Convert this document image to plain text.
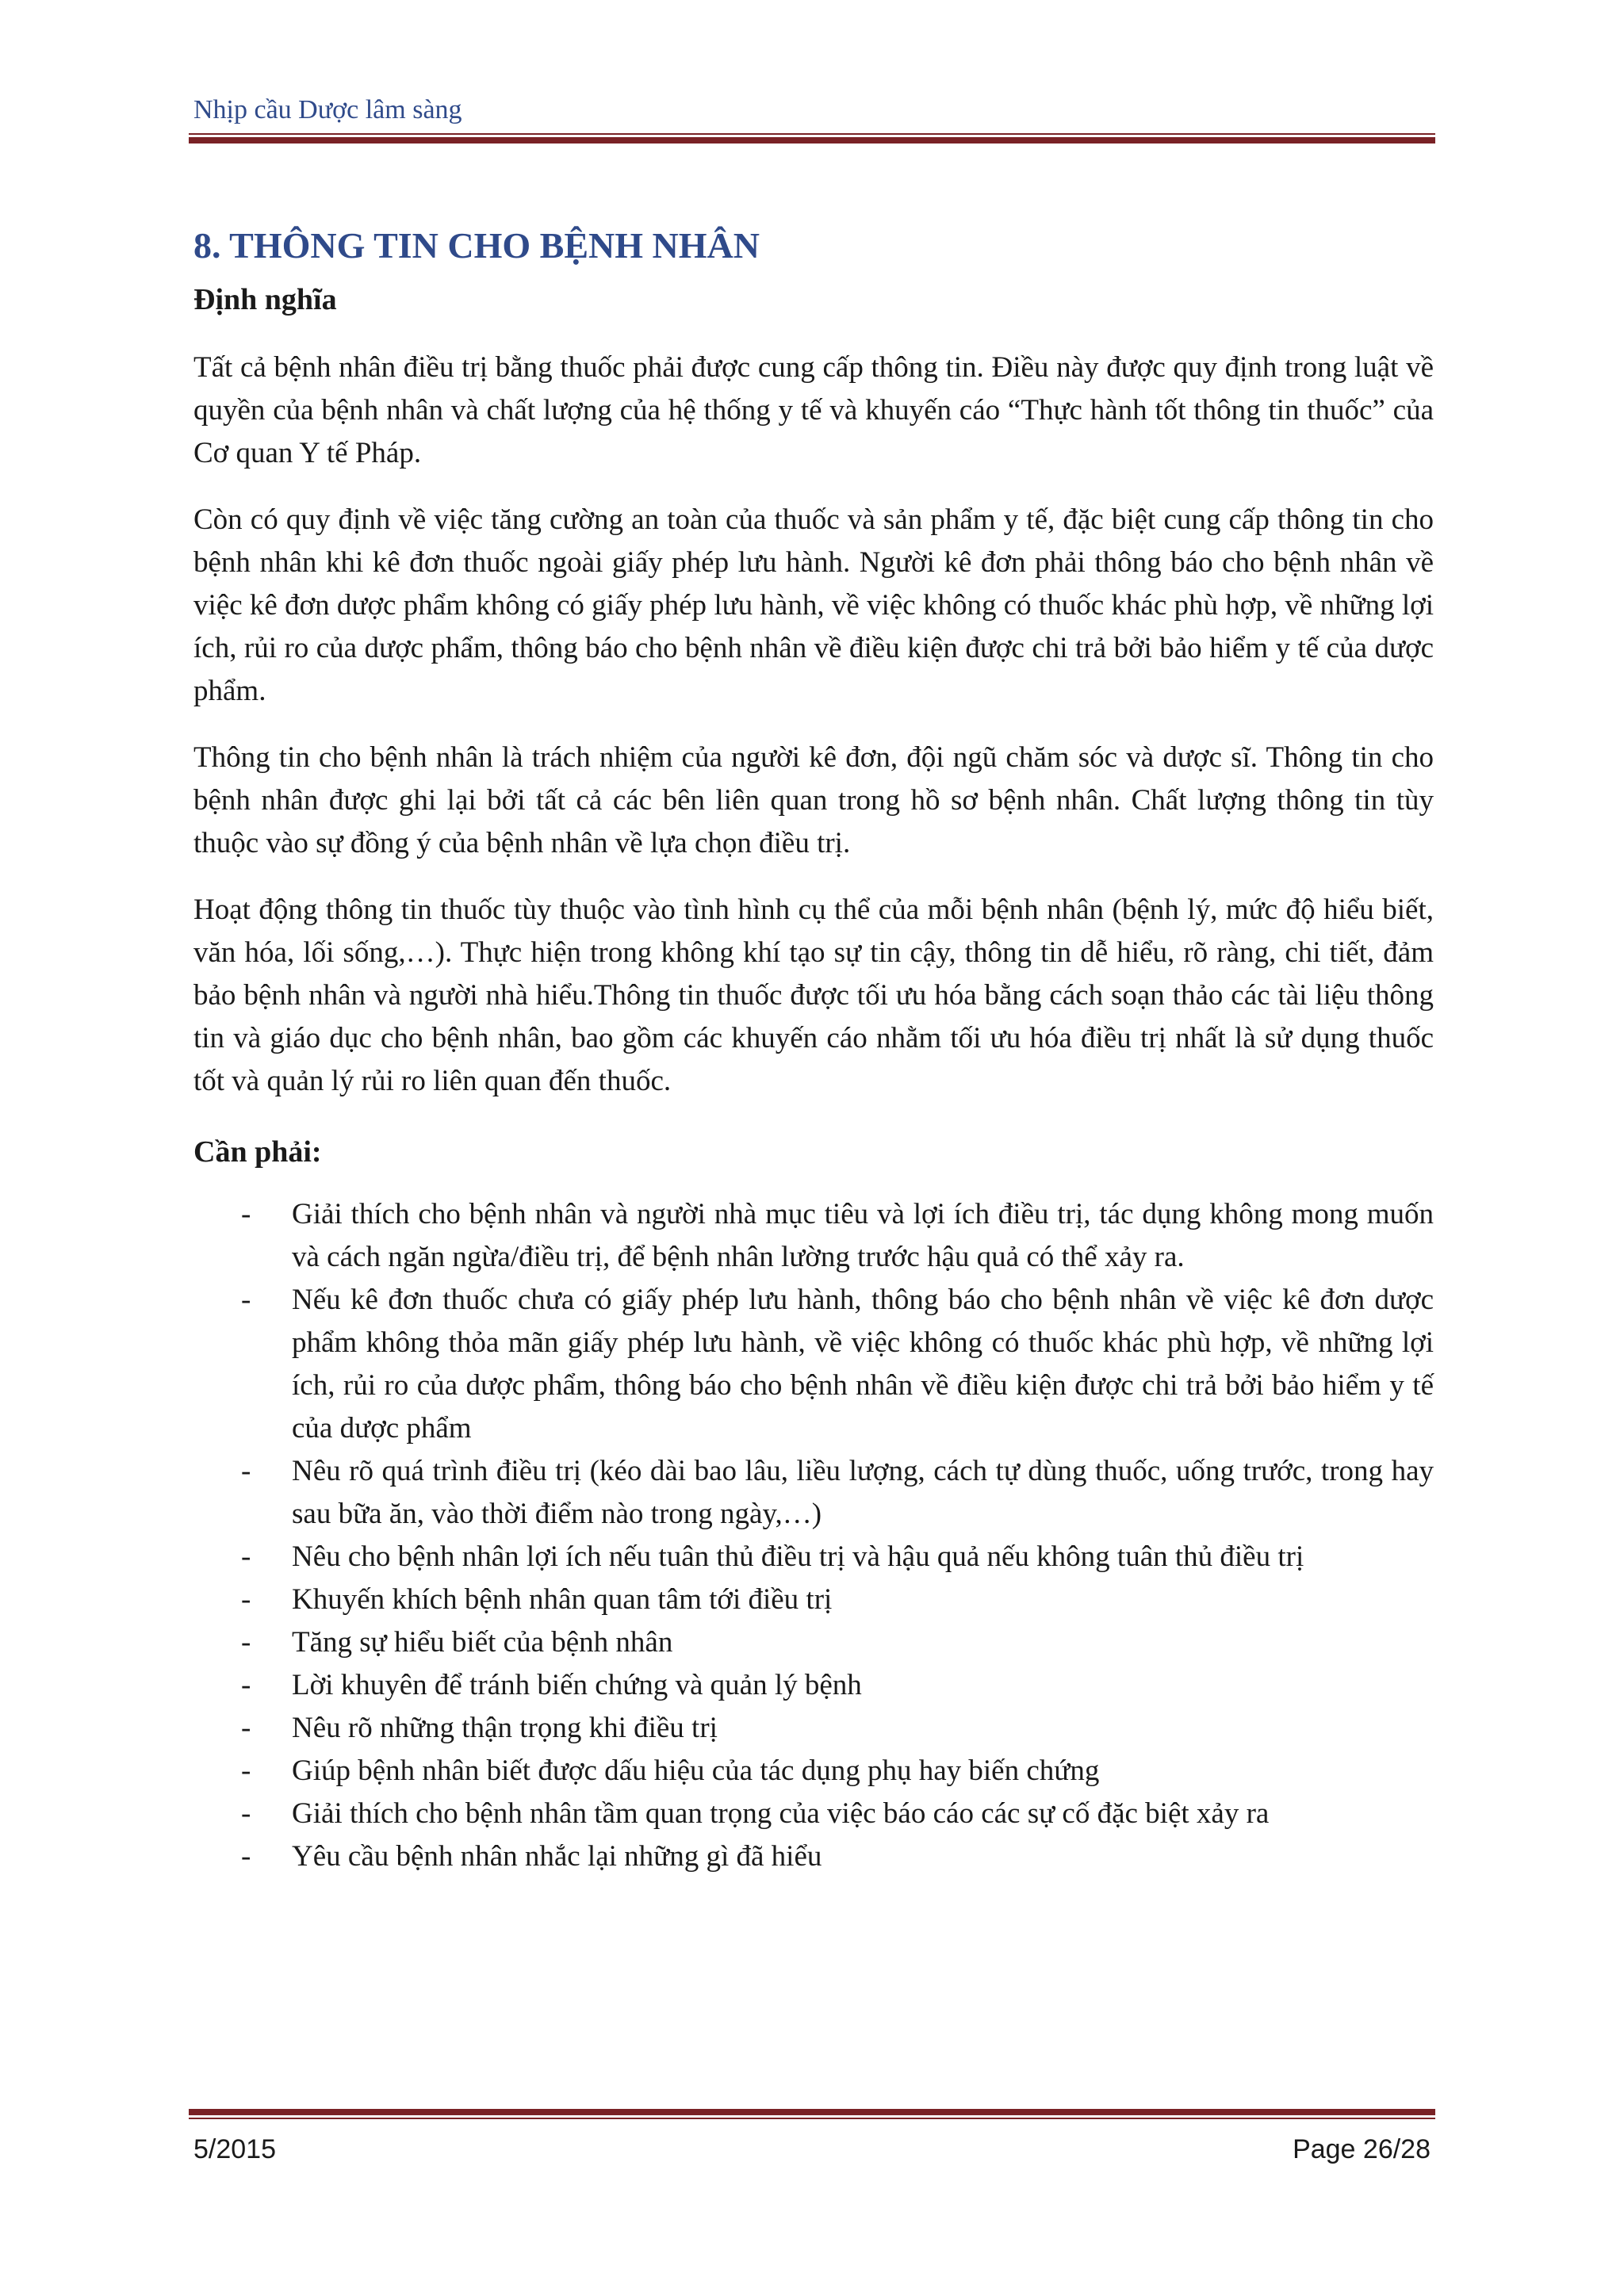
Nhịp cầu Dược lâm sàng
8. THÔNG TIN CHO BỆNH NHÂN
Định nghĩa

Tất cả bệnh nhân điều trị bằng thuốc phải được cung cấp thông tin. Điều này được quy định trong luật về quyền của bệnh nhân và chất lượng của hệ thống y tế và khuyến cáo “Thực hành tốt thông tin thuốc” của Cơ quan Y tế Pháp.

Còn có quy định về việc tăng cường an toàn của thuốc và sản phẩm y tế, đặc biệt cung cấp thông tin cho bệnh nhân khi kê đơn thuốc ngoài giấy phép lưu hành. Người kê đơn phải thông báo cho bệnh nhân về việc kê đơn dược phẩm không có giấy phép lưu hành, về việc không có thuốc khác phù hợp, về những lợi ích, rủi ro của dược phẩm, thông báo cho bệnh nhân về điều kiện được chi trả bởi bảo hiểm y tế của dược phẩm.

Thông tin cho bệnh nhân là trách nhiệm của người kê đơn, đội ngũ chăm sóc và dược sĩ. Thông tin cho bệnh nhân được ghi lại bởi tất cả các bên liên quan trong hồ sơ bệnh nhân. Chất lượng thông tin tùy thuộc vào sự đồng ý của bệnh nhân về lựa chọn điều trị.

Hoạt động thông tin thuốc tùy thuộc vào tình hình cụ thể của mỗi bệnh nhân (bệnh lý, mức độ hiểu biết, văn hóa, lối sống,…). Thực hiện trong không khí tạo sự tin cậy, thông tin dễ hiểu, rõ ràng, chi tiết, đảm bảo bệnh nhân và người nhà hiểu.Thông tin thuốc được tối ưu hóa bằng cách soạn thảo các tài liệu thông tin và giáo dục cho bệnh nhân, bao gồm các khuyến cáo nhằm tối ưu hóa điều trị nhất là sử dụng thuốc tốt và quản lý rủi ro liên quan đến thuốc.

Cần phải:
- Giải thích cho bệnh nhân và người nhà mục tiêu và lợi ích điều trị, tác dụng không mong muốn và cách ngăn ngừa/điều trị, để bệnh nhân lường trước hậu quả có thể xảy ra.
- Nếu kê đơn thuốc chưa có giấy phép lưu hành, thông báo cho bệnh nhân về việc kê đơn dược phẩm không thỏa mãn giấy phép lưu hành, về việc không có thuốc khác phù hợp, về những lợi ích, rủi ro của dược phẩm, thông báo cho bệnh nhân về điều kiện được chi trả bởi bảo hiểm y tế của dược phẩm
- Nêu rõ quá trình điều trị (kéo dài bao lâu, liều lượng, cách tự dùng thuốc, uống trước, trong hay sau bữa ăn, vào thời điểm nào trong ngày,…)
- Nêu cho bệnh nhân lợi ích nếu tuân thủ điều trị và hậu quả nếu không tuân thủ điều trị
- Khuyến khích bệnh nhân quan tâm tới điều trị
- Tăng sự hiểu biết của bệnh nhân
- Lời khuyên để tránh biến chứng và quản lý bệnh
- Nêu rõ những thận trọng khi điều trị
- Giúp bệnh nhân biết được dấu hiệu của tác dụng phụ hay biến chứng
- Giải thích cho bệnh nhân tầm quan trọng của việc báo cáo các sự cố đặc biệt xảy ra
- Yêu cầu bệnh nhân nhắc lại những gì đã hiểu
5/2015	Page 26/28
